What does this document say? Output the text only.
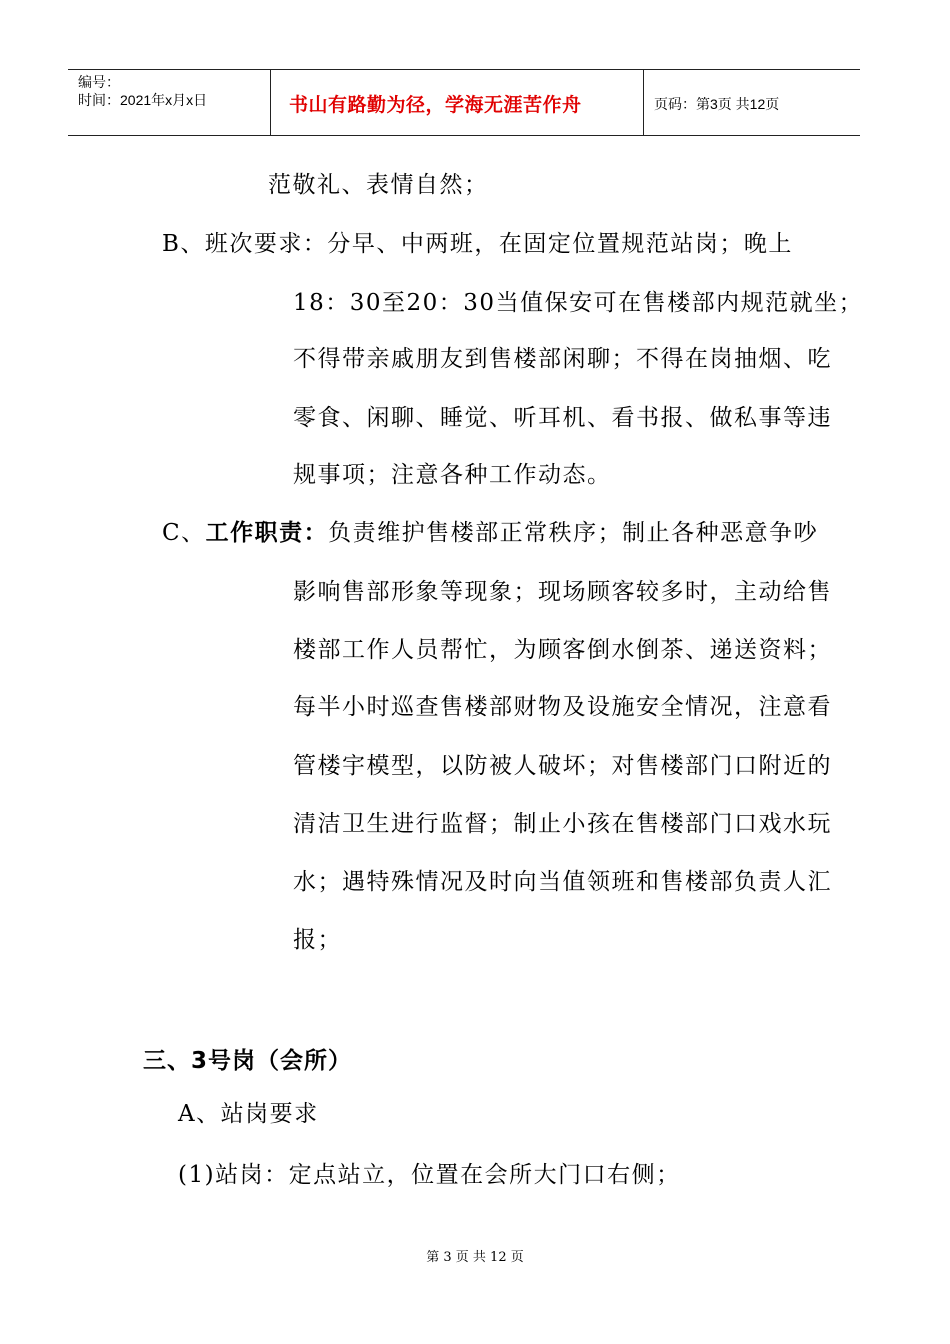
编号：
时间：2021年x月x日	书山有路勤为径，学海无涯苦作舟	页码：第3页 共12页
范敬礼、表情自然；
B、班次要求：分早、中两班，在固定位置规范站岗；晚上
18：30至20：30当值保安可在售楼部内规范就坐；
不得带亲戚朋友到售楼部闲聊；不得在岗抽烟、吃
零食、闲聊、睡觉、听耳机、看书报、做私事等违
规事项；注意各种工作动态。
C、工作职责：负责维护售楼部正常秩序；制止各种恶意争吵
影响售部形象等现象；现场顾客较多时，主动给售
楼部工作人员帮忙，为顾客倒水倒茶、递送资料；
每半小时巡查售楼部财物及设施安全情况，注意看
管楼宇模型，以防被人破坏；对售楼部门口附近的
清洁卫生进行监督；制止小孩在售楼部门口戏水玩
水；遇特殊情况及时向当值领班和售楼部负责人汇
报；
三、3号岗（会所）
A、站岗要求
(1)站岗：定点站立，位置在会所大门口右侧；
第 3 页 共 12 页
